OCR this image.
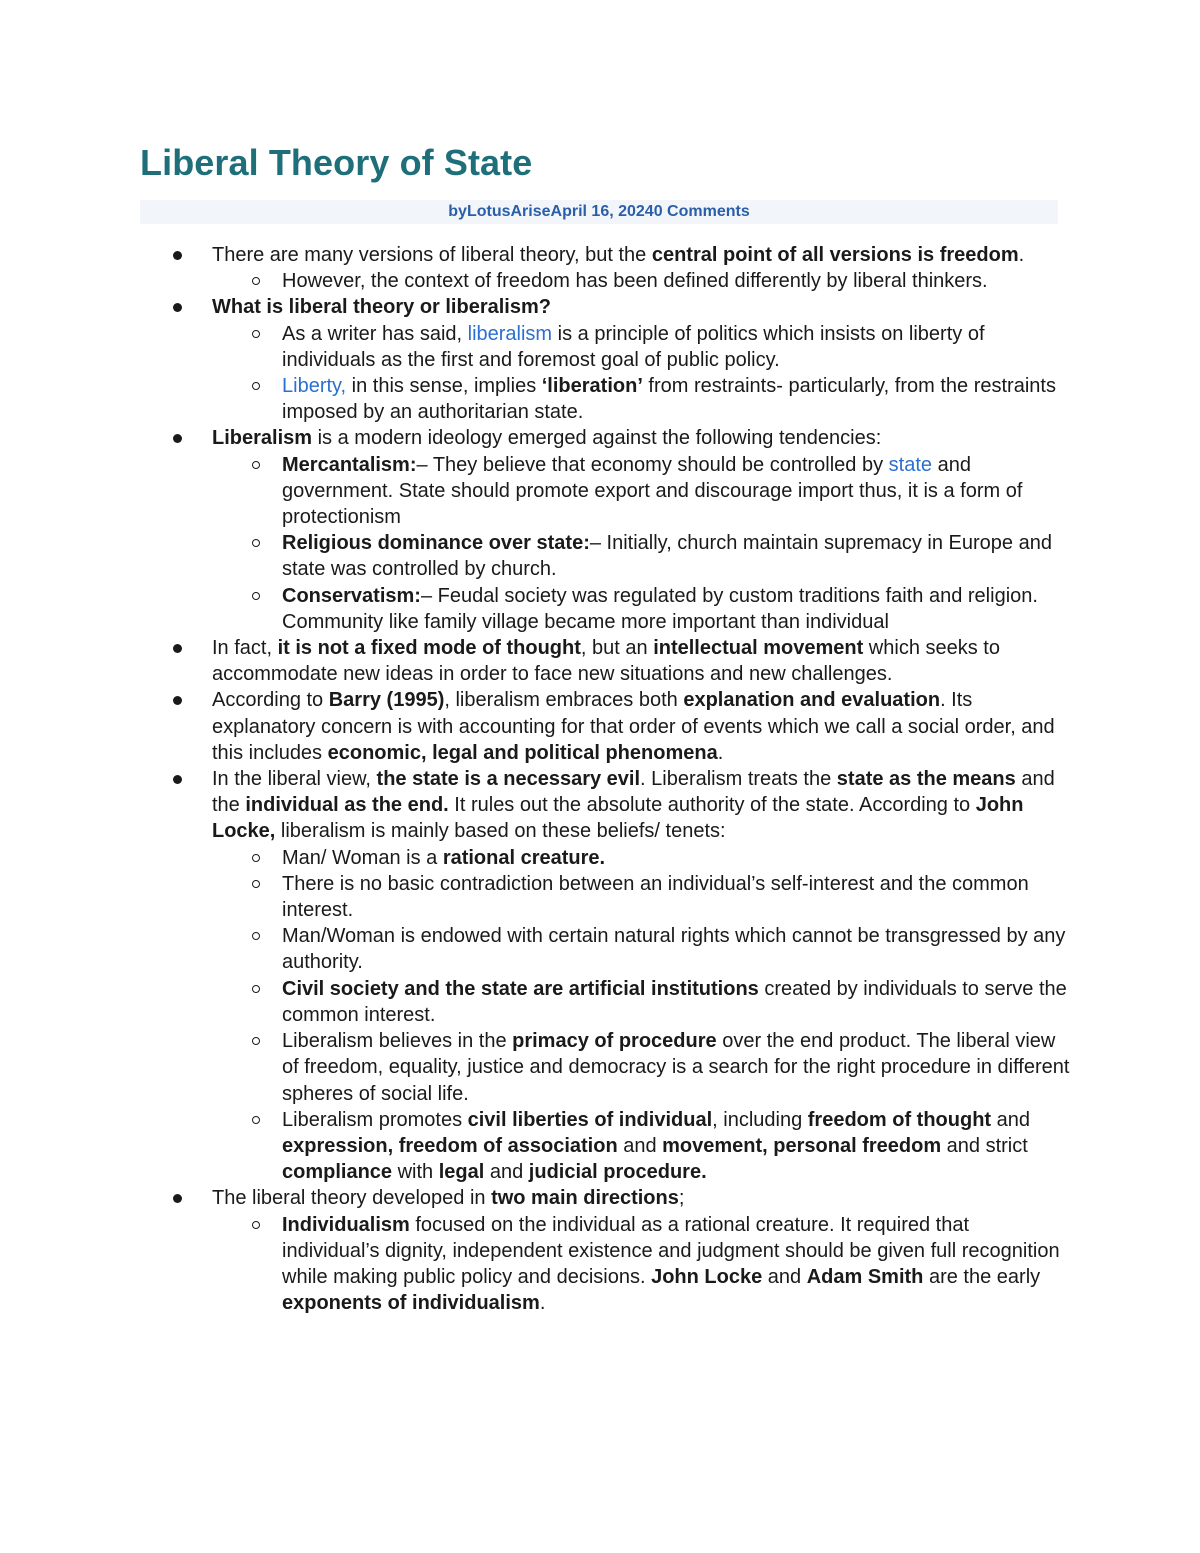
Liberal Theory of State
byLotusAriseApril 16, 20240 Comments
There are many versions of liberal theory, but the central point of all versions is freedom.
However, the context of freedom has been defined differently by liberal thinkers.
What is liberal theory or liberalism?
As a writer has said, liberalism is a principle of politics which insists on liberty of individuals as the first and foremost goal of public policy.
Liberty, in this sense, implies ‘liberation’ from restraints- particularly, from the restraints imposed by an authoritarian state.
Liberalism is a modern ideology emerged against the following tendencies:
Mercantalism:– They believe that economy should be controlled by state and government. State should promote export and discourage import thus, it is a form of protectionism
Religious dominance over state:– Initially, church maintain supremacy in Europe and state was controlled by church.
Conservatism:– Feudal society was regulated by custom traditions faith and religion. Community like family village became more important than individual
In fact, it is not a fixed mode of thought, but an intellectual movement which seeks to accommodate new ideas in order to face new situations and new challenges.
According to Barry (1995), liberalism embraces both explanation and evaluation. Its explanatory concern is with accounting for that order of events which we call a social order, and this includes economic, legal and political phenomena.
In the liberal view, the state is a necessary evil. Liberalism treats the state as the means and the individual as the end. It rules out the absolute authority of the state. According to John Locke, liberalism is mainly based on these beliefs/ tenets:
Man/ Woman is a rational creature.
There is no basic contradiction between an individual’s self-interest and the common interest.
Man/Woman is endowed with certain natural rights which cannot be transgressed by any authority.
Civil society and the state are artificial institutions created by individuals to serve the common interest.
Liberalism believes in the primacy of procedure over the end product. The liberal view of freedom, equality, justice and democracy is a search for the right procedure in different spheres of social life.
Liberalism promotes civil liberties of individual, including freedom of thought and expression, freedom of association and movement, personal freedom and strict compliance with legal and judicial procedure.
The liberal theory developed in two main directions;
Individualism focused on the individual as a rational creature. It required that individual’s dignity, independent existence and judgment should be given full recognition while making public policy and decisions. John Locke and Adam Smith are the early exponents of individualism.
